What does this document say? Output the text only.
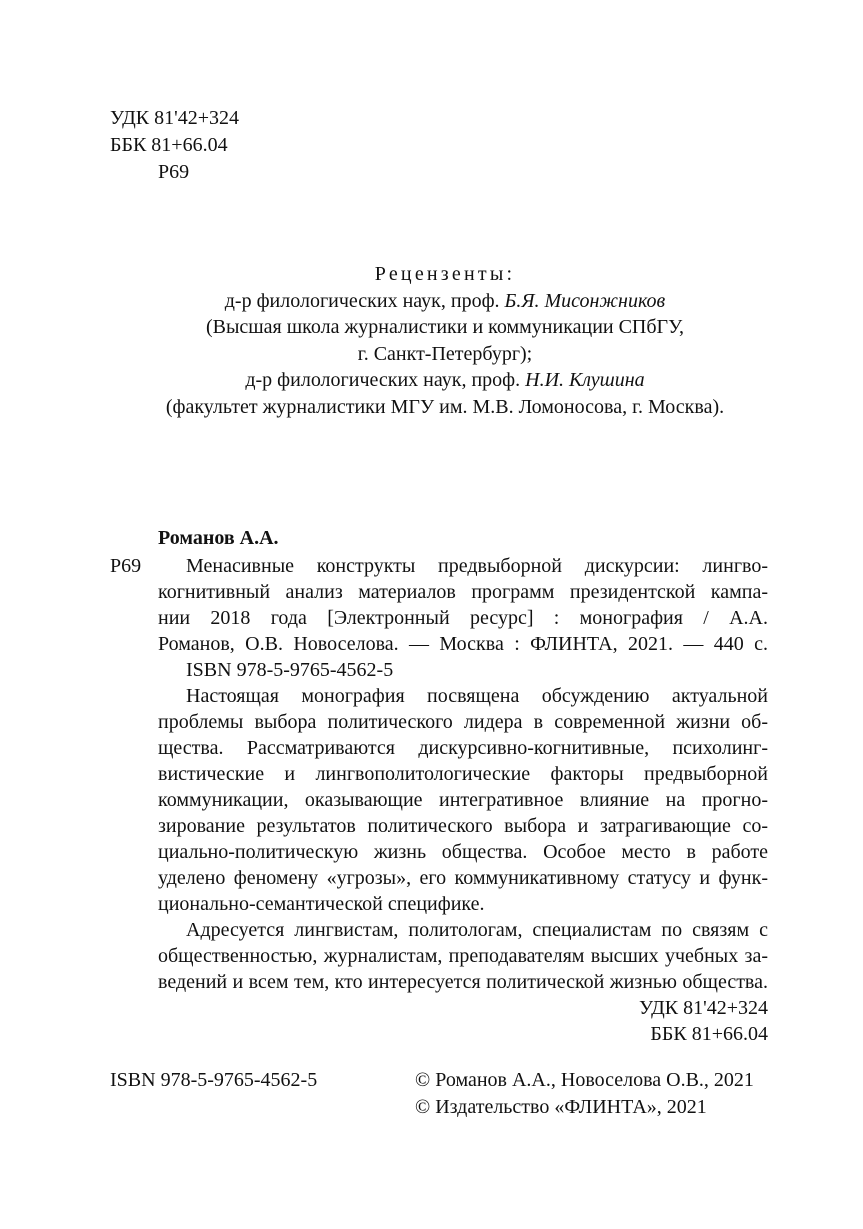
УДК 81'42+324
ББК 81+66.04
Р69
Рецензенты:
д-р филологических наук, проф. Б.Я. Мисонжников
(Высшая школа журналистики и коммуникации СПбГУ,
г. Санкт-Петербург);
д-р филологических наук, проф. Н.И. Клушина
(факультет журналистики МГУ им. М.В. Ломоносова, г. Москва).
Романов А.А.
Р69 Менасивные конструкты предвыборной дискурсии: лингво-
когнитивный анализ материалов программ президентской кампа-
нии 2018 года [Электронный ресурс] : монография / А.А.
Романов, О.В. Новоселова. — Москва : ФЛИНТА, 2021. — 440 с.
ISBN 978-5-9765-4562-5
Настоящая монография посвящена обсуждению актуальной
проблемы выбора политического лидера в современной жизни об-
щества. Рассматриваются дискурсивно-когнитивные, психолинг-
вистические и лингвополитологические факторы предвыборной
коммуникации, оказывающие интегративное влияние на прогно-
зирование результатов политического выбора и затрагивающие со-
циально-политическую жизнь общества. Особое место в работе
уделено феномену «угрозы», его коммуникативному статусу и функ-
ционально-семантической специфике.
Адресуется лингвистам, политологам, специалистам по связям с
общественностью, журналистам, преподавателям высших учебных за-
ведений и всем тем, кто интересуется политической жизнью общества.
УДК 81'42+324
ББК 81+66.04
ISBN 978-5-9765-4562-5	© Романов А.А., Новоселова О.В., 2021
© Издательство «ФЛИНТА», 2021
